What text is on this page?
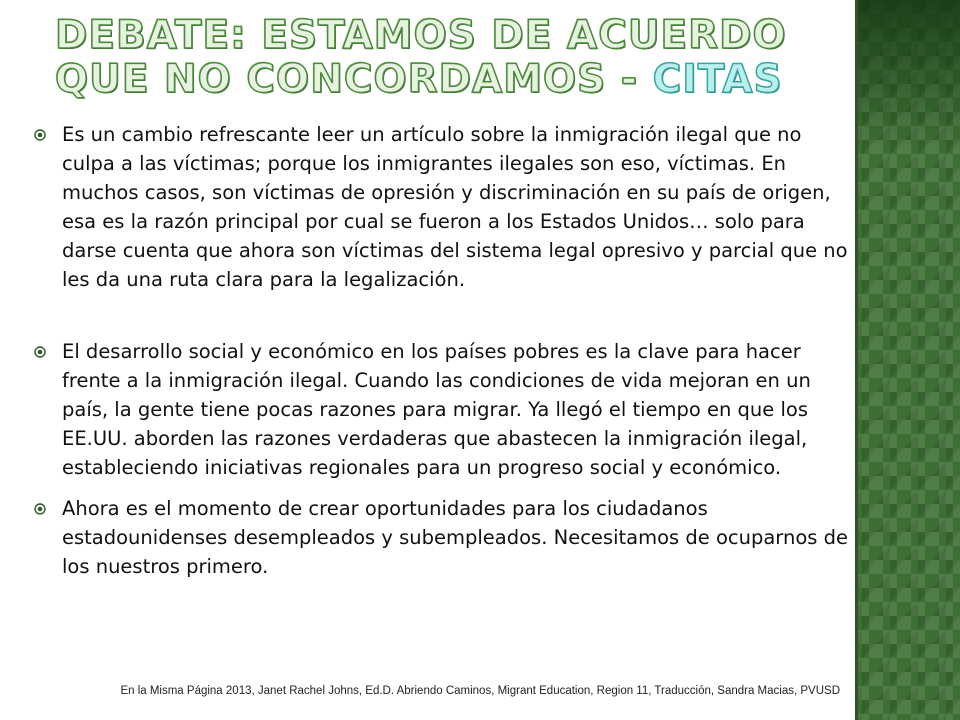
DEBATE: ESTAMOS DE ACUERDO QUE NO CONCORDAMOS - CITAS
Es un cambio refrescante leer un artículo sobre la inmigración ilegal que no culpa a las víctimas; porque los inmigrantes ilegales son eso, víctimas. En muchos casos, son víctimas de opresión y discriminación en su país de origen, esa es la razón principal por cual se fueron a los Estados Unidos… solo para darse cuenta que ahora son víctimas del sistema legal opresivo y parcial que no les da una ruta clara para la legalización.
El desarrollo social y económico en los países pobres es la clave para hacer frente a la inmigración ilegal. Cuando las condiciones de vida mejoran en un país, la gente tiene pocas razones para migrar. Ya llegó el tiempo en que los EE.UU. aborden las razones verdaderas que abastecen la inmigración ilegal, estableciendo iniciativas regionales para un progreso social y económico.
Ahora es el momento de crear oportunidades para los ciudadanos estadounidenses desempleados y subempleados. Necesitamos de ocuparnos de los nuestros primero.
En la Misma Página 2013, Janet Rachel Johns, Ed.D. Abriendo Caminos, Migrant Education, Region 11, Traducción, Sandra Macias, PVUSD
